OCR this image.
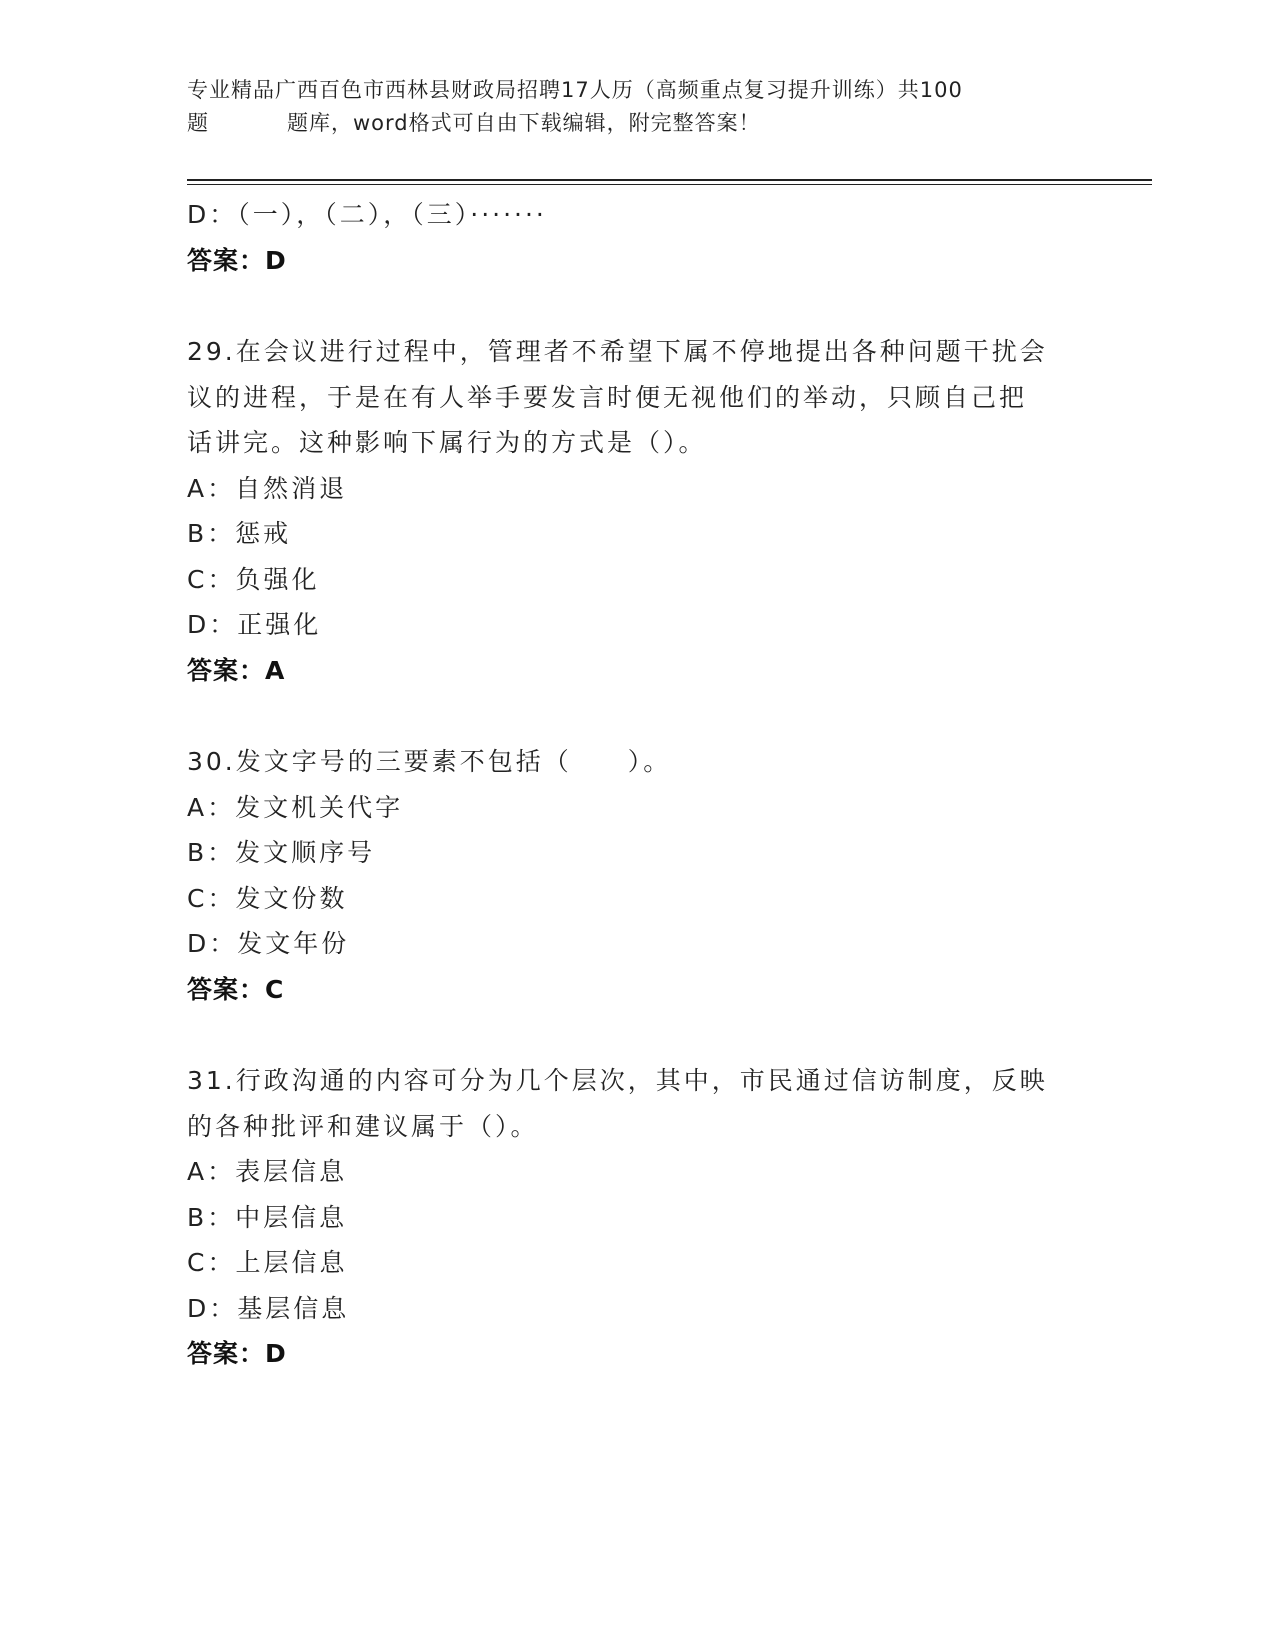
专业精品广西百色市西林县财政局招聘17人历（高频重点复习提升训练）共100
题	题库，word格式可自由下载编辑，附完整答案！
D：（一），（二），（三）·······
答案：D
29.在会议进行过程中，管理者不希望下属不停地提出各种问题干扰会
议的进程，于是在有人举手要发言时便无视他们的举动，只顾自己把
话讲完。这种影响下属行为的方式是（）。
A：自然消退
B：惩戒
C：负强化
D：正强化
答案：A
30.发文字号的三要素不包括（　　）。
A：发文机关代字
B：发文顺序号
C：发文份数
D：发文年份
答案：C
31.行政沟通的内容可分为几个层次，其中，市民通过信访制度，反映
的各种批评和建议属于（）。
A：表层信息
B：中层信息
C：上层信息
D：基层信息
答案：D
